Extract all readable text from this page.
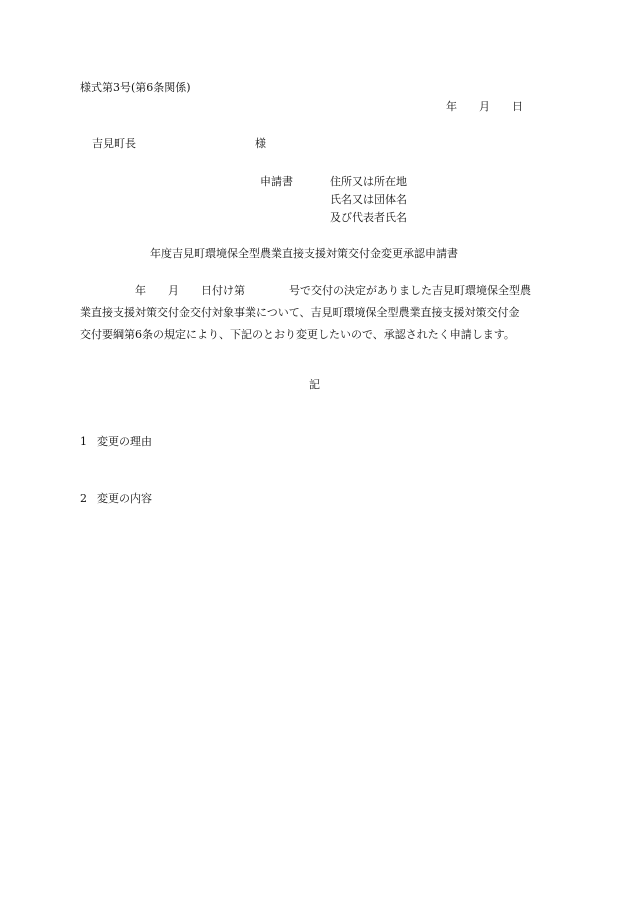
様式第3号(第6条関係)
年　　月　　日
吉見町長	様
申請書	住所又は所在地
氏名又は団体名
及び代表者氏名
年度吉見町環境保全型農業直接支援対策交付金変更承認申請書
　　　　　年　　月　　日付け第　　　　号で交付の決定がありました吉見町環境保全型農
業直接支援対策交付金交付対象事業について、吉見町環境保全型農業直接支援対策交付金
交付要綱第6条の規定により、下記のとおり変更したいので、承認されたく申請します。
記
1 変更の理由
2 変更の内容
